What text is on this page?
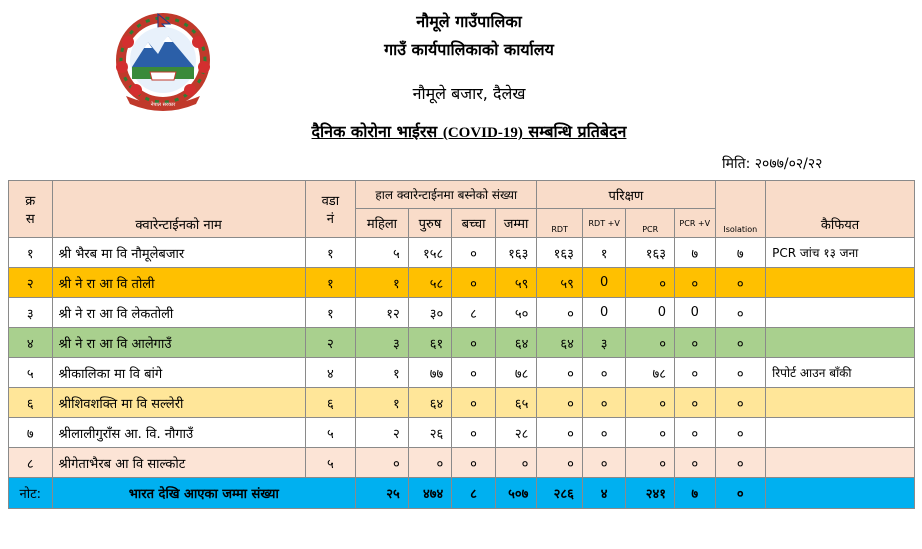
नेपाल सरकार
नौमूले गाउँपालिका
गाउँ कार्यपालिकाको कार्यालय
नौमूले बजार, दैलेख
दैनिक कोरोना भाईरस (COVID-19) सम्बन्धि प्रतिबेदन
मिति: २०७७/०२/२२
क्र
स	क्वारेन्टाईनको नाम	वडा
नं	हाल क्वारेन्टाईनमा बस्नेको संख्या				परिक्षण				Isolation	कैफियत
							RDT	RDT +V	PCR	PCR +V		
			महिला	पुरुष	बच्चा	जम्मा						
१	श्री भैरब मा वि नौमूलेबजार	१	५	१५८	०	१६३	१६३	१	१६३	७	७	PCR जांच १३ जना
२	श्री ने रा आ वि तोली	१	१	५८	०	५९	५९	0	०	०	०	
३	श्री ने रा आ वि लेकतोली	१	१२	३०	८	५०	०	0	0	0	०	
४	श्री ने रा आ वि आलेगाउँ	२	३	६१	०	६४	६४	३	०	०	०	
५	श्रीकालिका मा वि बांगे	४	१	७७	०	७८	०	०	७८	०	०	रिपोर्ट आउन बाँकी
६	श्रीशिवशक्ति मा वि सल्लेरी	६	१	६४	०	६५	०	०	०	०	०	
७	श्रीलालीगुराँस आ. वि. नौगाउँ	५	२	२६	०	२८	०	०	०	०	०	
८	श्रीगेताभैरब आ वि साल्कोट	५	०	०	०	०	०	०	०	०	०	
नोट:	भारत देखि आएका जम्मा संख्या		२५	४७४	८	५०७	२८६	४	२४१	७	०	
